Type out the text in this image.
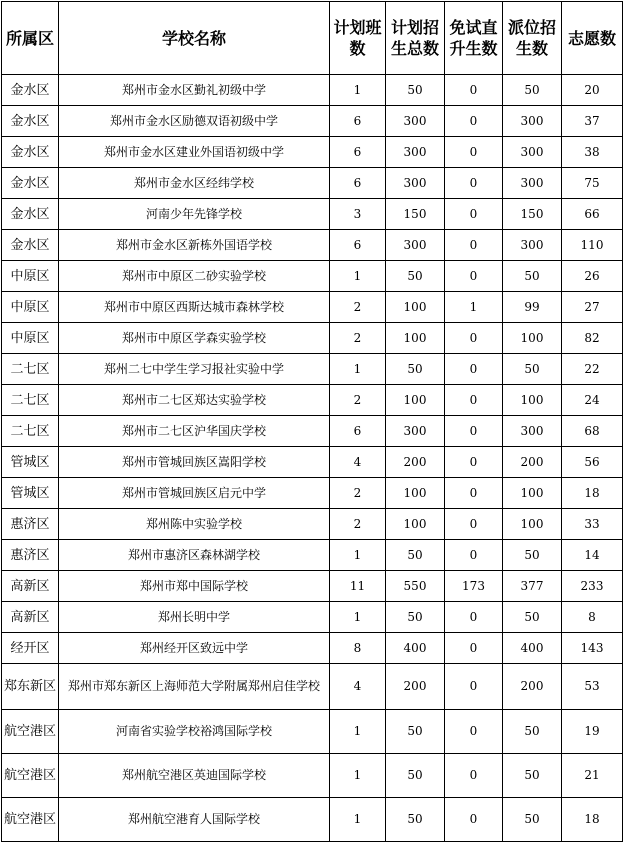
所属区	学校名称	计划班数	计划招生总数	免试直升生数	派位招生数	志愿数
金水区	郑州市金水区勤礼初级中学	1	50	0	50	20
金水区	郑州市金水区励德双语初级中学	6	300	0	300	37
金水区	郑州市金水区建业外国语初级中学	6	300	0	300	38
金水区	郑州市金水区经纬学校	6	300	0	300	75
金水区	河南少年先锋学校	3	150	0	150	66
金水区	郑州市金水区新栋外国语学校	6	300	0	300	110
中原区	郑州市中原区二砂实验学校	1	50	0	50	26
中原区	郑州市中原区西斯达城市森林学校	2	100	1	99	27
中原区	郑州市中原区学森实验学校	2	100	0	100	82
二七区	郑州二七中学生学习报社实验中学	1	50	0	50	22
二七区	郑州市二七区郑达实验学校	2	100	0	100	24
二七区	郑州市二七区沪华国庆学校	6	300	0	300	68
管城区	郑州市管城回族区嵩阳学校	4	200	0	200	56
管城区	郑州市管城回族区启元中学	2	100	0	100	18
惠济区	郑州陈中实验学校	2	100	0	100	33
惠济区	郑州市惠济区森林湖学校	1	50	0	50	14
高新区	郑州市郑中国际学校	11	550	173	377	233
高新区	郑州长明中学	1	50	0	50	8
经开区	郑州经开区致远中学	8	400	0	400	143
郑东新区	郑州市郑东新区上海师范大学附属郑州启佳学校	4	200	0	200	53
航空港区	河南省实验学校裕鸿国际学校	1	50	0	50	19
航空港区	郑州航空港区英迪国际学校	1	50	0	50	21
航空港区	郑州航空港育人国际学校	1	50	0	50	18
